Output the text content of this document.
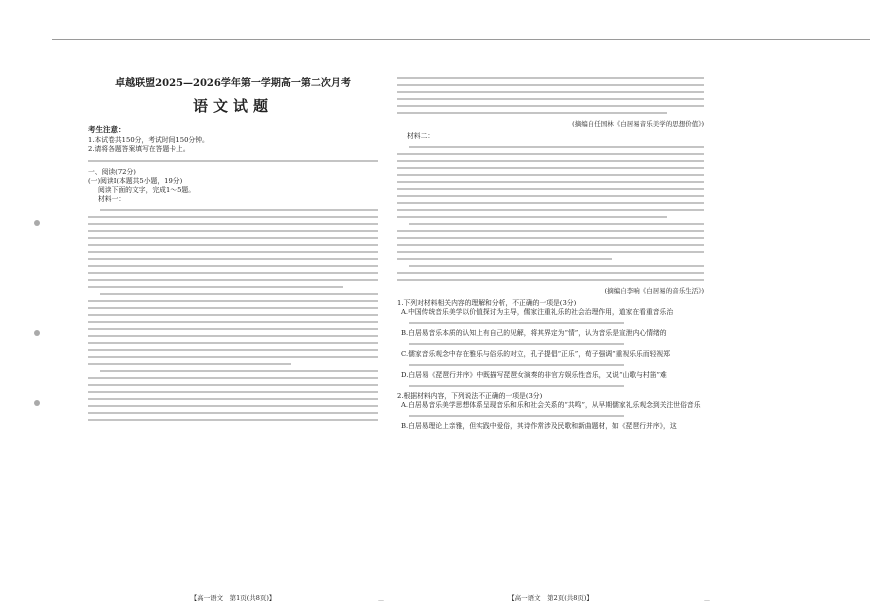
卓越联盟2025—2026学年第一学期高一第二次月考
语文试题
考生注意：
1.本试卷共150分，考试时间150分钟。
2.请将各题答案填写在答题卡上。
一、阅读(72分)
(一)阅读Ⅰ(本题共5小题，19分)
阅读下面的文字，完成1～5题。
材料一：
【高一语文　第1页(共8页)】	—
(摘编自任国林《白居易音乐美学的思想价值》)
材料二：
(摘编自李响《白居易的音乐生活》)
1.下列对材料相关内容的理解和分析，不正确的一项是(3分)
A.中国传统音乐美学以价值探讨为主导，儒家注重礼乐的社会治理作用，道家在看重音乐治
B.白居易音乐本质的认知上有自己的见解，将其界定为“情”，认为音乐是宣泄内心情绪的
C.儒家音乐观念中存在雅乐与俗乐的对立，孔子提倡“正乐”，荀子强调“重视乐乐而轻视郑
D.白居易《琵琶行并序》中既描写琵琶女演奏的非官方娱乐性音乐，又说“山歌与村笛”难
2.根据材料内容，下列说法不正确的一项是(3分)
A.白居易音乐美学思想体系呈现音乐和乐和社会关系的“共鸣”，从早期儒家礼乐观念到关注世俗音乐
B.白居易理论上亲雅，但实践中爱俗，其诗作常涉及民歌和新曲题材，如《琵琶行并序》，这
【高一语文　第2页(共8页)】	—
